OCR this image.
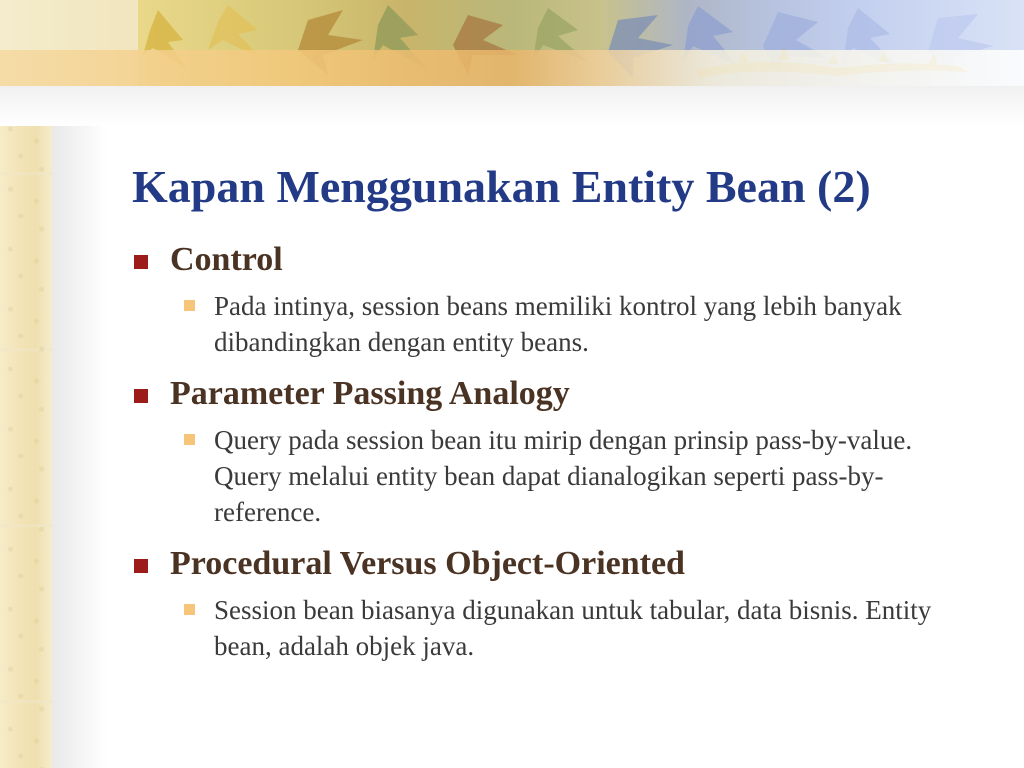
Kapan Menggunakan Entity Bean (2)
Control
Pada intinya, session beans memiliki kontrol yang lebih banyak dibandingkan dengan entity beans.
Parameter Passing Analogy
Query pada session bean itu mirip dengan prinsip pass-by-value. Query melalui entity bean dapat dianalogikan seperti pass-by-reference.
Procedural Versus Object-Oriented
Session bean biasanya digunakan untuk tabular, data bisnis. Entity bean, adalah objek java.
